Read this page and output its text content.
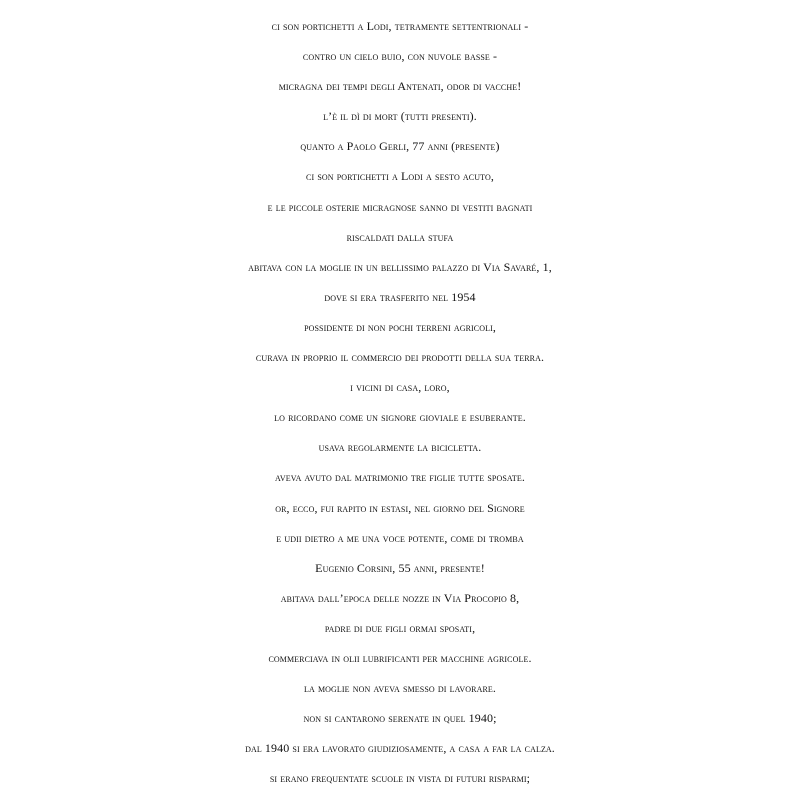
ci son portichetti a Lodi, tetramente settentrionali -
contro un cielo buio, con nuvole basse -
micragna dei tempi degli Antenati, odor di vacche!
l’è il dì di mort (tutti presenti).
quanto a Paolo Gerli, 77 anni (presente)
ci son portichetti a Lodi a sesto acuto,
e le piccole osterie micragnose sanno di vestiti bagnati
riscaldati dalla stufa
abitava con la moglie in un bellissimo palazzo di Via Savaré, 1,
dove si era trasferito nel 1954
possidente di non pochi terreni agricoli,
curava in proprio il commercio dei prodotti della sua terra.
i vicini di casa, loro,
lo ricordano come un signore gioviale e esuberante.
usava regolarmente la bicicletta.
aveva avuto dal matrimonio tre figlie tutte sposate.
or, ecco, fui rapito in estasi, nel giorno del Signore
e udii dietro a me una voce potente, come di tromba
Eugenio Corsini, 55 anni, presente!
abitava dall’epoca delle nozze in Via Procopio 8,
padre di due figli ormai sposati,
commerciava in olii lubrificanti per macchine agricole.
la moglie non aveva smesso di lavorare.
non si cantarono serenate in quel 1940;
dal 1940 si era lavorato giudiziosamente, a casa a far la calza.
si erano frequentate scuole in vista di futuri risparmi;
